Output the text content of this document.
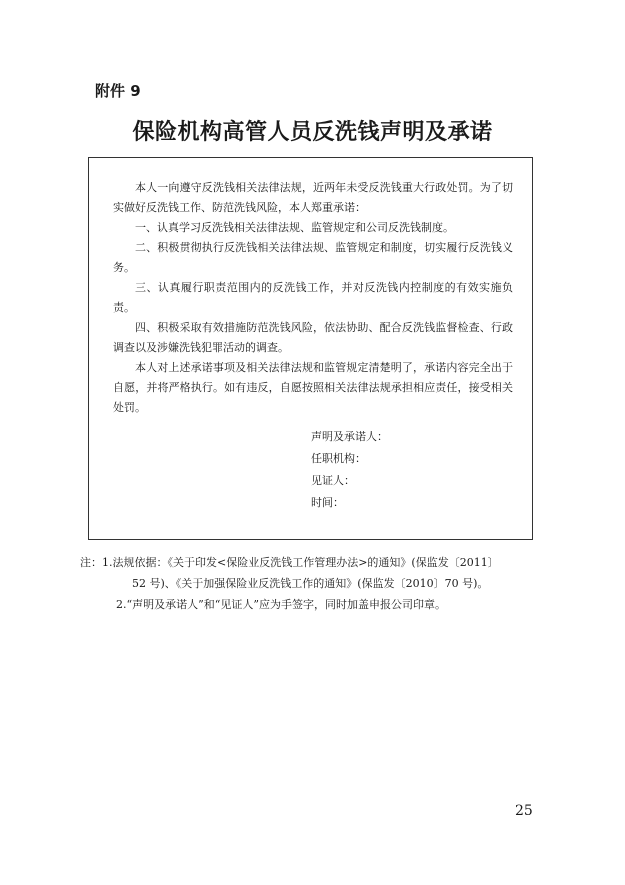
附件 9
保险机构高管人员反洗钱声明及承诺

本人一向遵守反洗钱相关法律法规，近两年未受反洗钱重大行政处罚。为了切实做好反洗钱工作、防范洗钱风险，本人郑重承诺：

一、认真学习反洗钱相关法律法规、监管规定和公司反洗钱制度。

二、积极贯彻执行反洗钱相关法律法规、监管规定和制度，切实履行反洗钱义务。

三、认真履行职责范围内的反洗钱工作，并对反洗钱内控制度的有效实施负责。

四、积极采取有效措施防范洗钱风险，依法协助、配合反洗钱监督检查、行政调查以及涉嫌洗钱犯罪活动的调查。

本人对上述承诺事项及相关法律法规和监管规定清楚明了，承诺内容完全出于自愿，并将严格执行。如有违反，自愿按照相关法律法规承担相应责任，接受相关处罚。

声明及承诺人：
任职机构：
见证人：
时间：
注：1.法规依据：《关于印发<保险业反洗钱工作管理办法>的通知》(保监发〔2011〕
52 号)、《关于加强保险业反洗钱工作的通知》(保监发〔2010〕70 号)。
2.“声明及承诺人”和“见证人”应为手签字，同时加盖申报公司印章。
25
